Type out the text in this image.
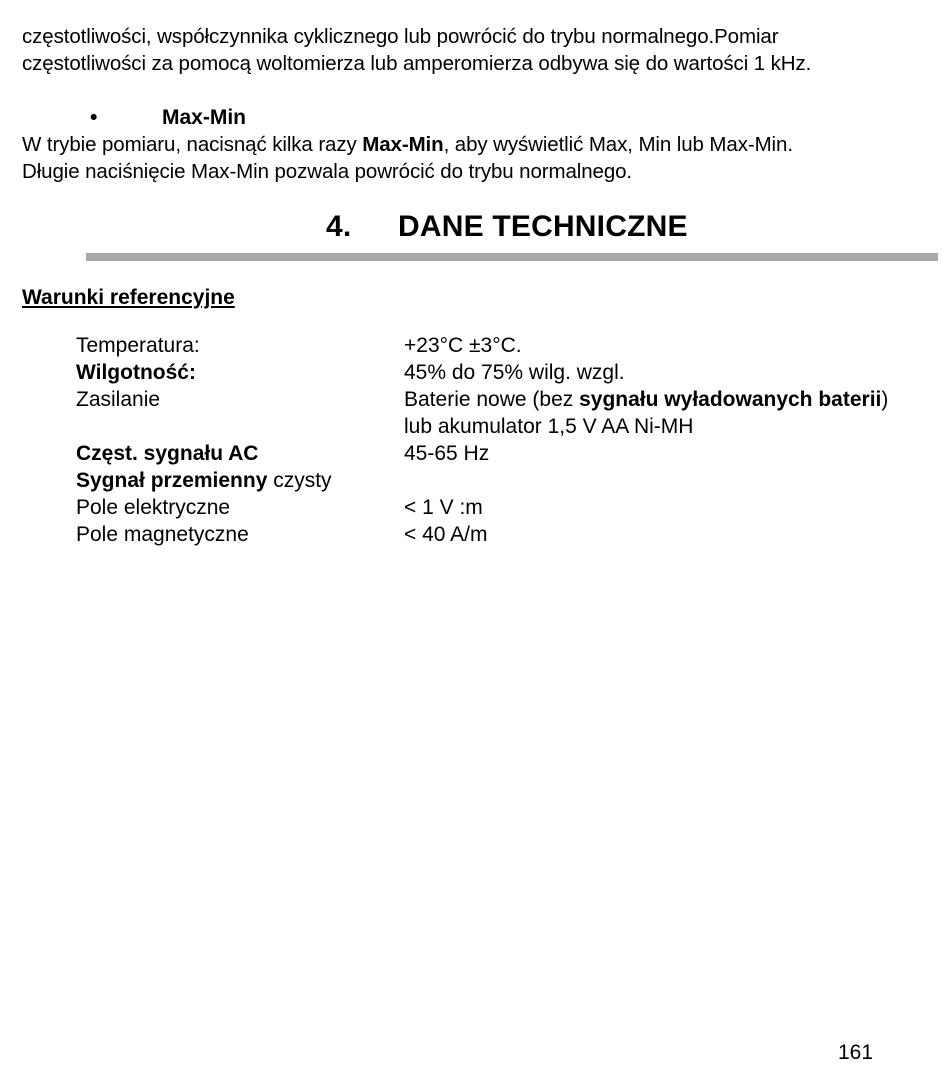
częstotliwości, współczynnika cyklicznego lub powrócić do trybu normalnego.Pomiar
częstotliwości za pomocą woltomierza lub amperomierza odbywa się do wartości 1 kHz.
•	Max-Min
W trybie pomiaru, nacisnąć kilka razy Max-Min, aby wyświetlić Max, Min lub Max-Min.
Długie naciśnięcie Max-Min pozwala powrócić do trybu normalnego.
4. DANE TECHNICZNE
Warunki referencyjne
Temperatura:	+23°C ±3°C.
Wilgotność:	45% do 75% wilg. wzgl.
Zasilanie	Baterie nowe (bez sygnału wyładowanych baterii)
lub akumulator 1,5 V AA Ni-MH
Częst. sygnału AC	45-65 Hz
Sygnał przemienny czysty
Pole elektryczne	< 1 V :m
Pole magnetyczne	< 40 A/m
161
